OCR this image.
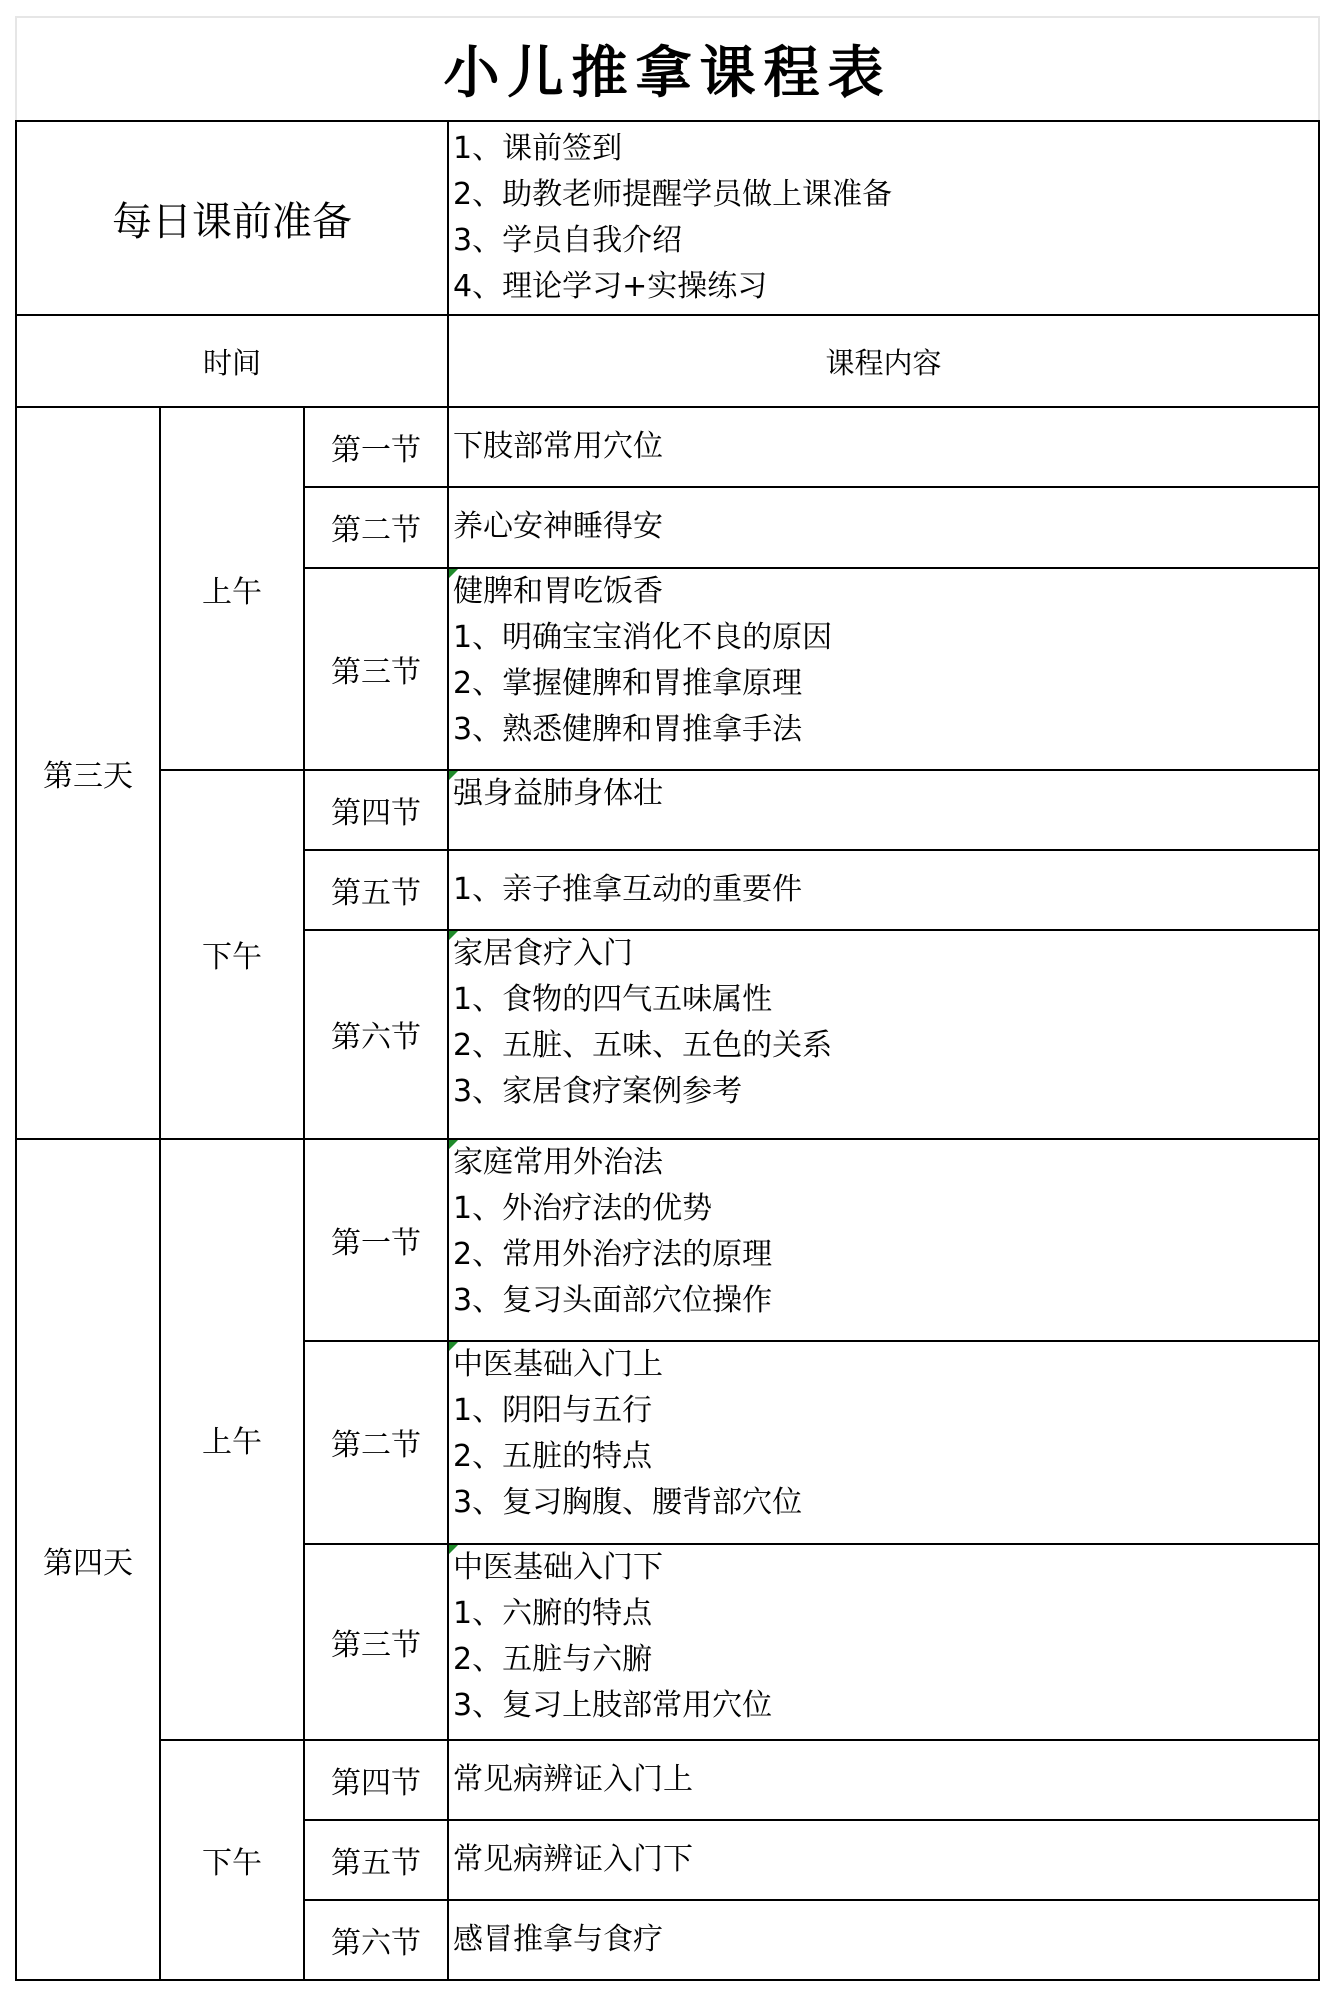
小儿推拿课程表			
每日课前准备			1、课前签到
2、助教老师提醒学员做上课准备
3、学员自我介绍
4、理论学习+实操练习

时间			课程内容
第三天	上午	第一节	下肢部常用穴位

		第二节	养心安神睡得安

		第三节	健脾和胃吃饭香
1、明确宝宝消化不良的原因
2、掌握健脾和胃推拿原理
3、熟悉健脾和胃推拿手法

	下午	第四节	强身益肺身体壮

		第五节	1、亲子推拿互动的重要件

		第六节	家居食疗入门
1、食物的四气五味属性
2、五脏、五味、五色的关系
3、家居食疗案例参考

第四天	上午	第一节	家庭常用外治法
1、外治疗法的优势
2、常用外治疗法的原理
3、复习头面部穴位操作

		第二节	中医基础入门上
1、阴阳与五行
2、五脏的特点
3、复习胸腹、腰背部穴位

		第三节	中医基础入门下
1、六腑的特点
2、五脏与六腑
3、复习上肢部常用穴位

	下午	第四节	常见病辨证入门上

		第五节	常见病辨证入门下

		第六节	感冒推拿与食疗
